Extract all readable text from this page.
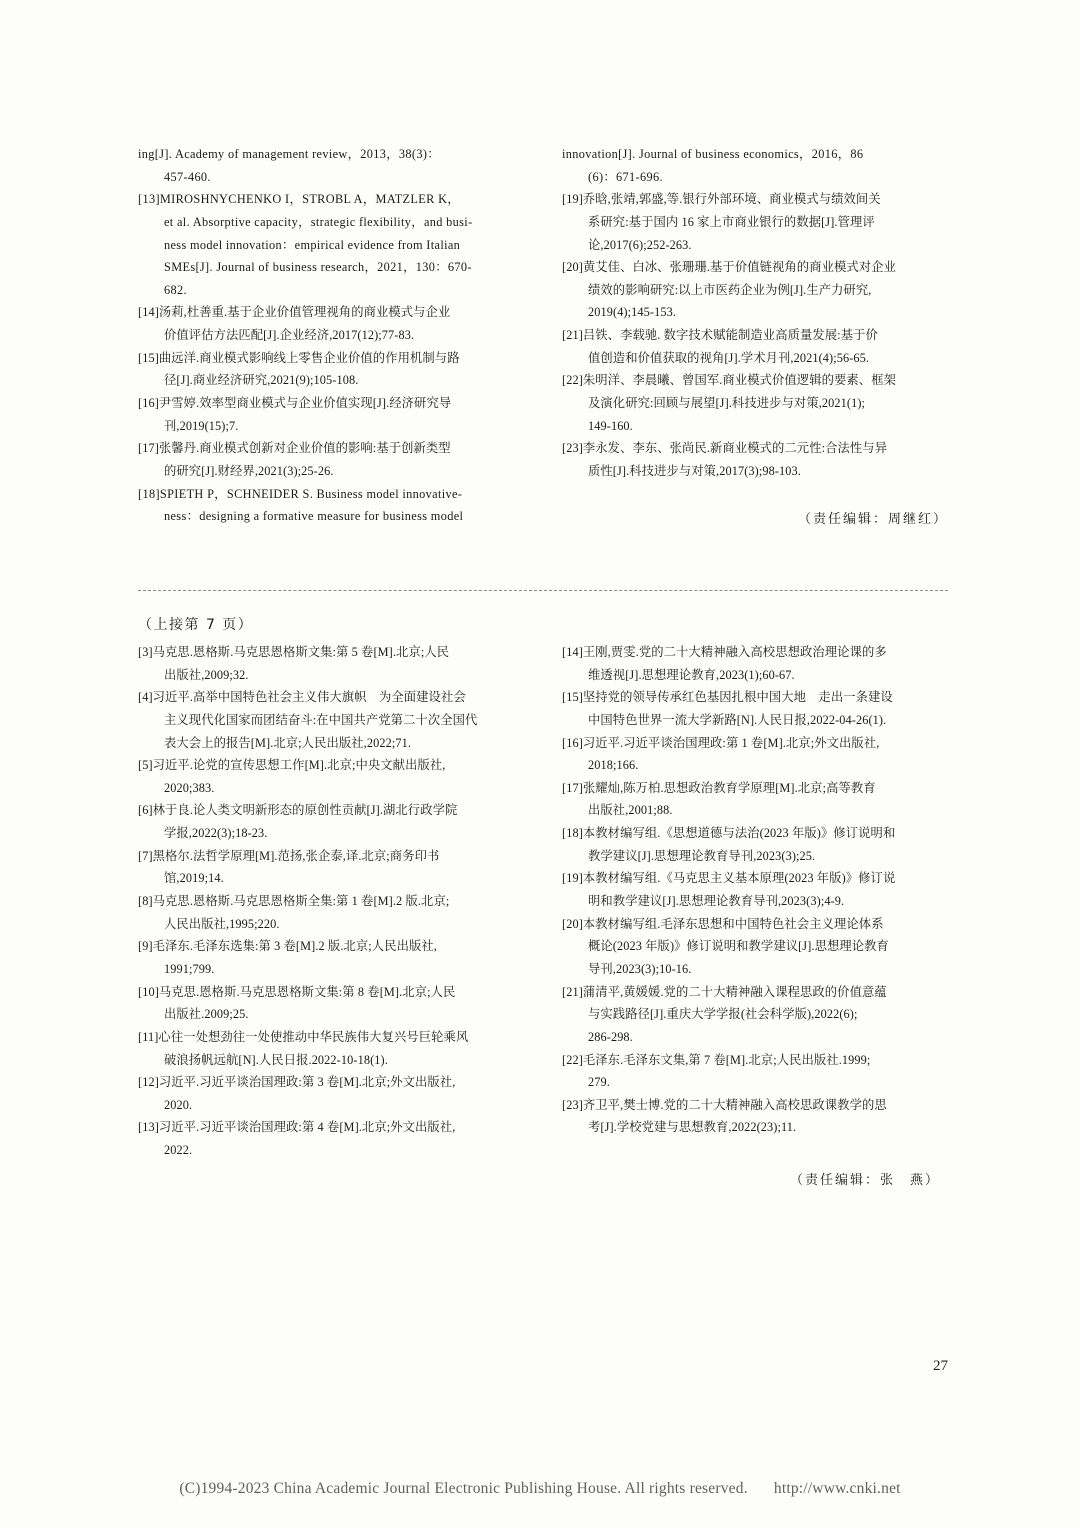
ing[J]. Academy of management review，2013，38(3)：
457-460.
[13]MIROSHNYCHENKO I，STROBL A，MATZLER K，
et al. Absorptive capacity，strategic flexibility，and busi-
ness model innovation：empirical evidence from Italian
SMEs[J]. Journal of business research，2021，130：670-
682.
[14]汤莉,杜善重.基于企业价值管理视角的商业模式与企业
价值评估方法匹配[J].企业经济,2017(12);77-83.
[15]曲远洋.商业模式影响线上零售企业价值的作用机制与路
径[J].商业经济研究,2021(9);105-108.
[16]尹雪婷.效率型商业模式与企业价值实现[J].经济研究导
刊,2019(15);7.
[17]张馨丹.商业模式创新对企业价值的影响:基于创新类型
的研究[J].财经界,2021(3);25-26.
[18]SPIETH P，SCHNEIDER S. Business model innovative-
ness：designing a formative measure for business model
innovation[J]. Journal of business economics，2016，86
(6)：671-696.
[19]乔晗,张靖,郭盛,等.银行外部环境、商业模式与绩效间关
系研究:基于国内 16 家上市商业银行的数据[J].管理评
论,2017(6);252-263.
[20]黄艾佳、白冰、张珊珊.基于价值链视角的商业模式对企业
绩效的影响研究:以上市医药企业为例[J].生产力研究,
2019(4);145-153.
[21]吕铁、李载驰. 数字技术赋能制造业高质量发展:基于价
值创造和价值获取的视角[J].学术月刊,2021(4);56-65.
[22]朱明洋、李晨曦、曾国军.商业模式价值逻辑的要素、框架
及演化研究:回顾与展望[J].科技进步与对策,2021(1);
149-160.
[23]李永发、李东、张尚民.新商业模式的二元性:合法性与异
质性[J].科技进步与对策,2017(3);98-103.
（责任编辑：周继红）
（上接第 7 页）
[3]马克思.恩格斯.马克思恩格斯文集:第 5 卷[M].北京;人民
出版社,2009;32.
[4]习近平.高举中国特色社会主义伟大旗帜　为全面建设社会
主义现代化国家而团结奋斗:在中国共产党第二十次全国代
表大会上的报告[M].北京;人民出版社,2022;71.
[5]习近平.论党的宣传思想工作[M].北京;中央文献出版社,
2020;383.
[6]林于良.论人类文明新形态的原创性贡献[J].湖北行政学院
学报,2022(3);18-23.
[7]黑格尔.法哲学原理[M].范扬,张企泰,译.北京;商务印书
馆,2019;14.
[8]马克思.恩格斯.马克思恩格斯全集:第 1 卷[M].2 版.北京;
人民出版社,1995;220.
[9]毛泽东.毛泽东选集:第 3 卷[M].2 版.北京;人民出版社,
1991;799.
[10]马克思.恩格斯.马克思恩格斯文集:第 8 卷[M].北京;人民
出版社.2009;25.
[11]心往一处想劲往一处使推动中华民族伟大复兴号巨轮乘风
破浪扬帆远航[N].人民日报.2022-10-18(1).
[12]习近平.习近平谈治国理政:第 3 卷[M].北京;外文出版社,
2020.
[13]习近平.习近平谈治国理政:第 4 卷[M].北京;外文出版社,
2022.
[14]王刚,贾雯.党的二十大精神融入高校思想政治理论课的多
维透视[J].思想理论教育,2023(1);60-67.
[15]坚持党的领导传承红色基因扎根中国大地　走出一条建设
中国特色世界一流大学新路[N].人民日报,2022-04-26(1).
[16]习近平.习近平谈治国理政:第 1 卷[M].北京;外文出版社,
2018;166.
[17]张耀灿,陈万柏.思想政治教育学原理[M].北京;高等教育
出版社,2001;88.
[18]本教材编写组.《思想道德与法治(2023 年版)》修订说明和
教学建议[J].思想理论教育导刊,2023(3);25.
[19]本教材编写组.《马克思主义基本原理(2023 年版)》修订说
明和教学建议[J].思想理论教育导刊,2023(3);4-9.
[20]本教材编写组.毛泽东思想和中国特色社会主义理论体系
概论(2023 年版)》修订说明和教学建议[J].思想理论教育
导刊,2023(3);10-16.
[21]蒲清平,黄媛媛.党的二十大精神融入课程思政的价值意蕴
与实践路径[J].重庆大学学报(社会科学版),2022(6);
286-298.
[22]毛泽东.毛泽东文集,第 7 卷[M].北京;人民出版社.1999;
279.
[23]齐卫平,樊士博.党的二十大精神融入高校思政课教学的思
考[J].学校党建与思想教育,2022(23);11.
（责任编辑：张　燕）
27
(C)1994-2023 China Academic Journal Electronic Publishing House. All rights reserved. http://www.cnki.net
